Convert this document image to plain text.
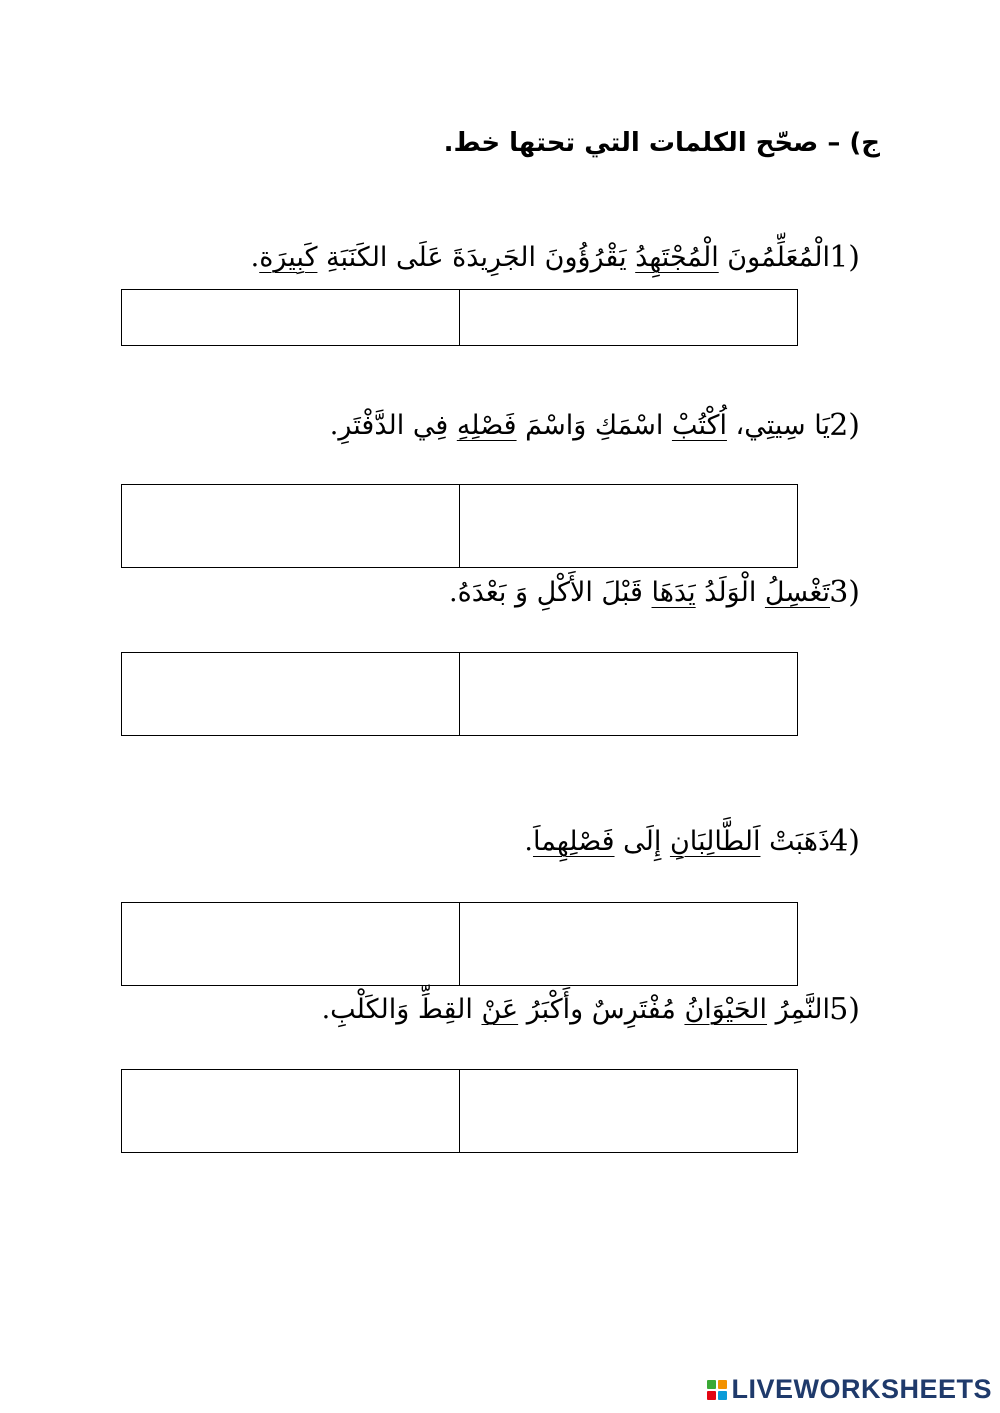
ج) – صحّح الكلمات التي تحتها خط.
1)
الْمُعَلِّمُونَ الْمُجْتَهِدُ يَقْرُؤُونَ الجَرِيدَةَ عَلَى الكَنَبَةِ كَبِيرَة.
2)
يَا سِيتِي، اُكْتُبْ اسْمَكِ وَاسْمَ فَصْلِهِ فِي الدَّفْتَرِ.
3)
تَغْسِلُ الْوَلَدُ يَدَهَا قَبْلَ الأَكْلِ وَ بَعْدَهُ.
4)
ذَهَبَتْ اَلطَّالِبَانِ إِلَى فَصْلِهِماَ.
5)
النَّمِرُ الحَيْوَانُ مُفْتَرِسٌ وأَكْبَرُ عَنْ القِطِّ وَالكَلْبِ.
LIVEWORKSHEETS
